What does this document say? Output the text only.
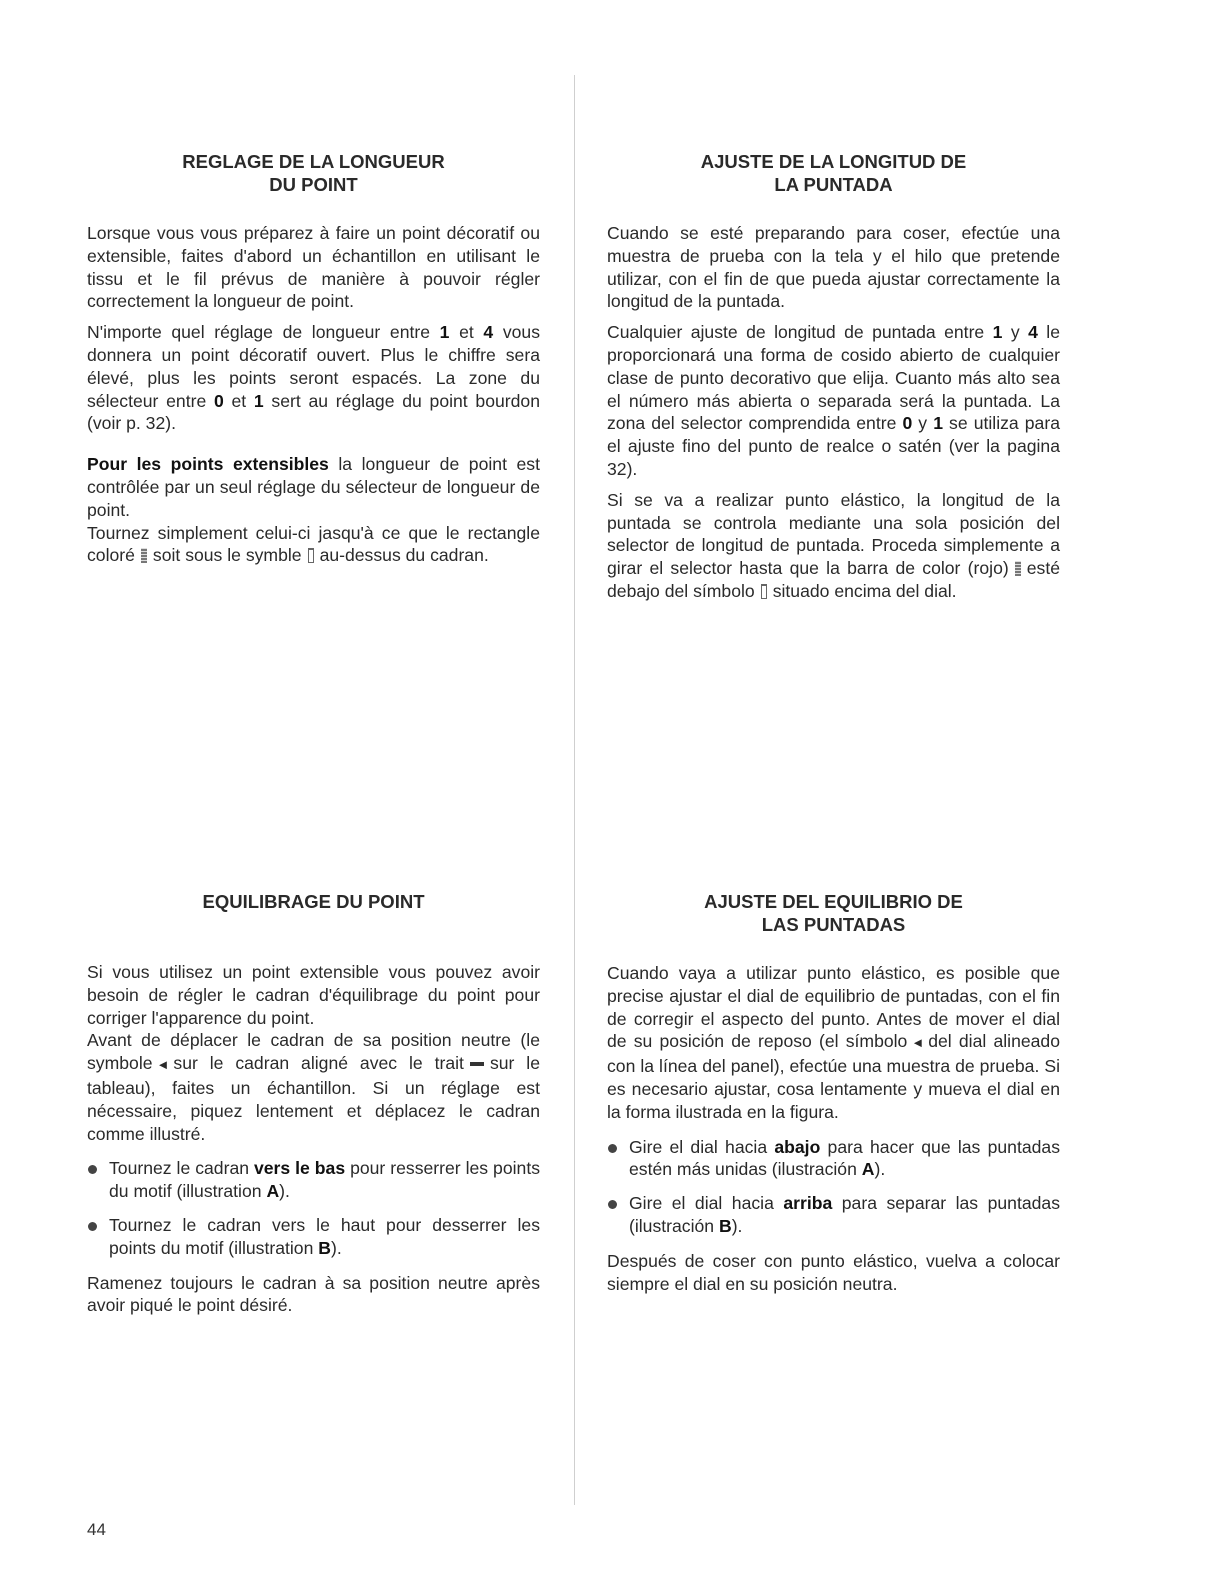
REGLAGE DE LA LONGUEUR
DU POINT

Lorsque vous vous préparez à faire un point décoratif ou extensible, faites d'abord un échantillon en utilisant le tissu et le fil prévus de manière à pouvoir régler correctement la longueur de point.

N'importe quel réglage de longueur entre 1 et 4 vous donnera un point décoratif ouvert. Plus le chiffre sera élevé, plus les points seront espacés. La zone du sélecteur entre 0 et 1 sert au réglage du point bourdon (voir p. 32).

Pour les points extensibles la longueur de point est contrôlée par un seul réglage du sélecteur de longueur de point.

Tournez simplement celui-ci jasqu'à ce que le rectangle coloré soit sous le symble au-dessus du cadran.

EQUILIBRAGE DU POINT

Si vous utilisez un point extensible vous pouvez avoir besoin de régler le cadran d'équilibrage du point pour corriger l'apparence du point.

Avant de déplacer le cadran de sa position neutre (le symbole ◄ sur le cadran aligné avec le trait sur le tableau), faites un échantillon. Si un réglage est nécessaire, piquez lentement et déplacez le cadran comme illustré.

Tournez le cadran vers le bas pour resserrer les points du motif (illustration A).
Tournez le cadran vers le haut pour desserrer les points du motif (illustration B).

Ramenez toujours le cadran à sa position neutre après avoir piqué le point désiré.

AJUSTE DE LA LONGITUD DE
LA PUNTADA

Cuando se esté preparando para coser, efectúe una muestra de prueba con la tela y el hilo que pretende utilizar, con el fin de que pueda ajustar correctamente la longitud de la puntada.

Cualquier ajuste de longitud de puntada entre 1 y 4 le proporcionará una forma de cosido abierto de cualquier clase de punto decorativo que elija. Cuanto más alto sea el número más abierta o separada será la puntada. La zona del selector comprendida entre 0 y 1 se utiliza para el ajuste fino del punto de realce o satén (ver la pagina 32).

Si se va a realizar punto elástico, la longitud de la puntada se controla mediante una sola posición del selector de longitud de puntada. Proceda simplemente a girar el selector hasta que la barra de color (rojo) esté debajo del símbolo situado encima del dial.

AJUSTE DEL EQUILIBRIO DE
LAS PUNTADAS

Cuando vaya a utilizar punto elástico, es posible que precise ajustar el dial de equilibrio de puntadas, con el fin de corregir el aspecto del punto. Antes de mover el dial de su posición de reposo (el símbolo ◄ del dial alineado con la línea del panel), efectúe una muestra de prueba. Si es necesario ajustar, cosa lentamente y mueva el dial en la forma ilustrada en la figura.

Gire el dial hacia abajo para hacer que las puntadas estén más unidas (ilustración A).
Gire el dial hacia arriba para separar las puntadas (ilustración B).

Después de coser con punto elástico, vuelva a colocar siempre el dial en su posición neutra.

44
